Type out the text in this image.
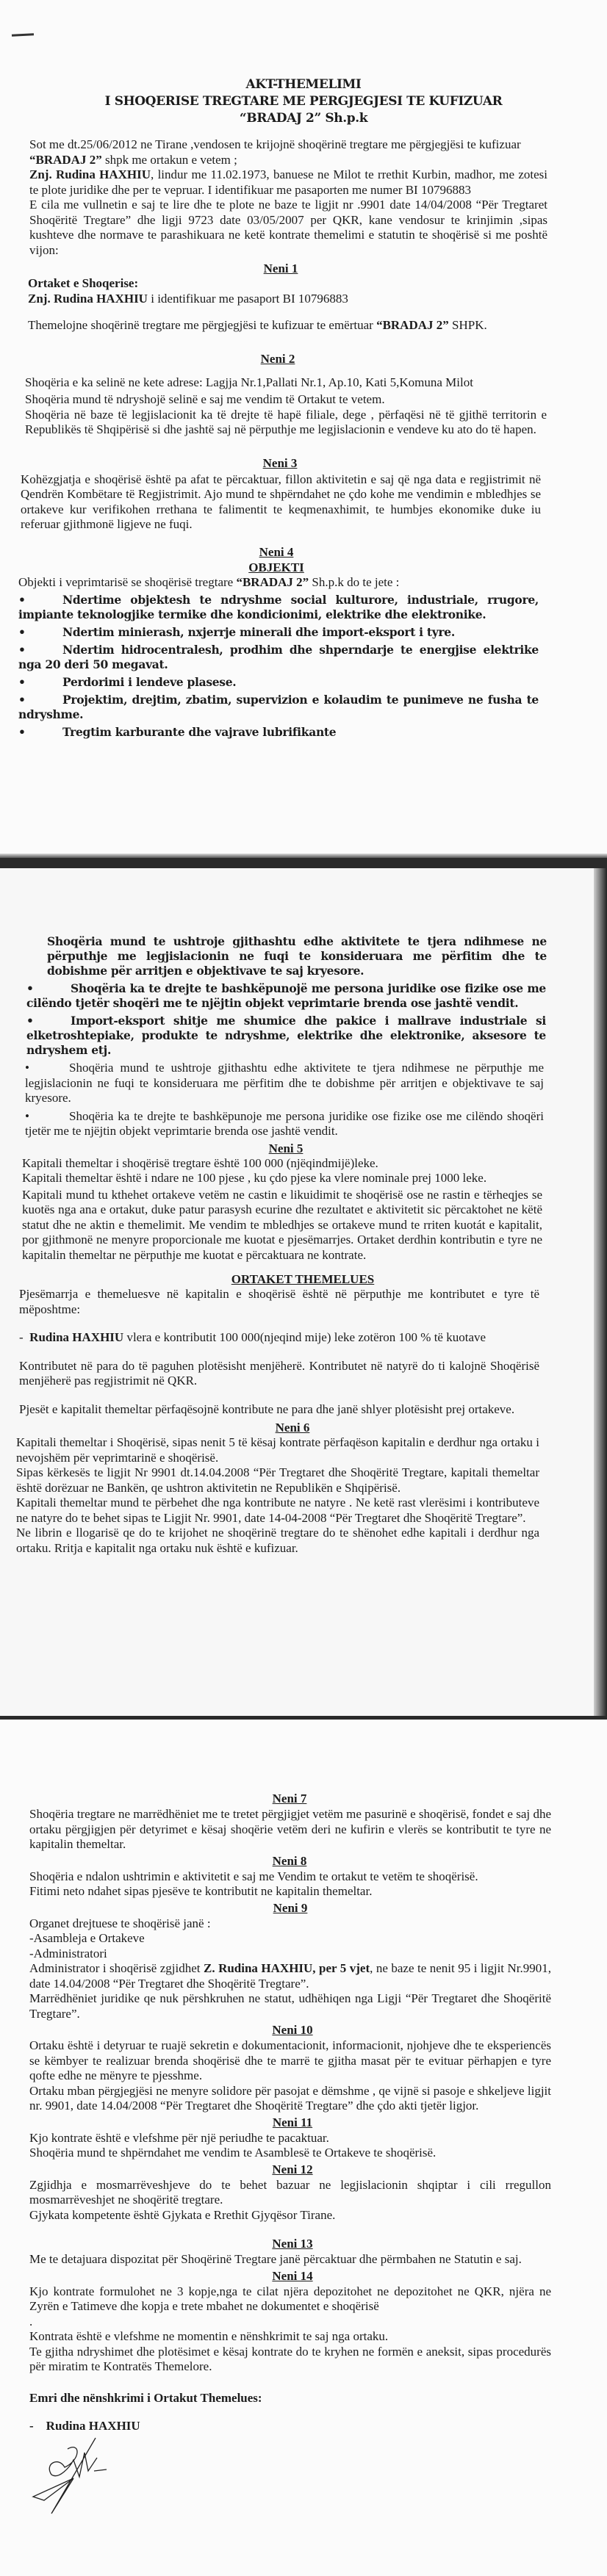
AKT-THEMELIMI
I SHOQERISE TREGTARE ME PERGJEGJESI TE KUFIZUAR
“BRADAJ 2” Sh.p.k

Sot me dt.25/06/2012 ne Tirane ,vendosen te krijojnë shoqërinë tregtare me përgjegjësi te kufizuar

“BRADAJ 2” shpk me ortakun e vetem ;

Znj. Rudina HAXHIU, lindur me 11.02.1973, banuese ne Milot te rrethit Kurbin, madhor, me zotesi te plote juridike dhe per te vepruar. I identifikuar me pasaporten me numer BI 10796883

E cila me vullnetin e saj te lire dhe te plote ne baze te ligjit nr .9901 date 14/04/2008 “Për Tregtaret Shoqëritë Tregtare” dhe ligji 9723 date 03/05/2007 per QKR, kane vendosur te krinjimin ,sipas kushteve dhe normave te parashikuara ne ketë kontrate themelimi e statutin te shoqërisë si me poshtë vijon:

Neni 1

Ortaket e Shoqerise:

Znj. Rudina HAXHIU i identifikuar me pasaport BI 10796883

Themelojne shoqërinë tregtare me përgjegjësi te kufizuar te emërtuar “BRADAJ 2” SHPK.

Neni 2

Shoqëria e ka selinë ne kete adrese: Lagjja Nr.1,Pallati Nr.1, Ap.10, Kati 5,Komuna Milot

Shoqëria mund të ndryshojë selinë e saj me vendim të Ortakut te vetem.

Shoqëria në baze të legjislacionit ka të drejte të hapë filiale, dege , përfaqësi në të gjithë territorin e Republikës të Shqipërisë si dhe jashtë saj në përputhje me legjislacionin e vendeve ku ato do të hapen.

Neni 3
Kohëzgjatja e shoqërisë është pa afat te përcaktuar, fillon aktivitetin e saj që nga data e regjistrimit në Qendrën Kombëtare të Regjistrimit. Ajo mund te shpërndahet ne çdo kohe me vendimin e mbledhjes se ortakeve kur verifikohen rrethana te falimentit te keqmenaxhimit, te humbjes ekonomike duke iu referuar gjithmonë ligjeve ne fuqi.
Neni 4
OBJEKTI

Objekti i veprimtarisë se shoqërisë tregtare “BRADAJ 2” Sh.p.k do te jete :

•	Ndertime objektesh te ndryshme social kulturore, industriale, rrugore, impiante teknologjike termike dhe kondicionimi, elektrike dhe elektronike.

•	Ndertim minierash, nxjerrje minerali dhe import-eksport i tyre.

•	Ndertim hidrocentralesh, prodhim dhe shperndarje te energjise elektrike nga 20 deri 50 megavat.

•	Perdorimi i lendeve plasese.

•	Projektim, drejtim, zbatim, supervizion e kolaudim te punimeve ne fusha te ndryshme.

•	Tregtim karburante dhe vajrave lubrifikante

Shoqëria mund te ushtroje gjithashtu edhe aktivitete te tjera ndihmese ne përputhje me legjislacionin ne fuqi te konsideruara me përfitim dhe te dobishme për arritjen e objektivave te saj kryesore.

•	Shoqëria ka te drejte te bashkëpunojë me persona juridike ose fizike ose me cilëndo tjetër shoqëri me te njëjtin objekt veprimtarie brenda ose jashtë vendit.

•	Import-eksport shitje me shumice dhe pakice i mallrave industriale si elketroshtepiake, produkte te ndryshme, elektrike dhe elektronike, aksesore te ndryshem etj.

•	Shoqëria mund te ushtroje gjithashtu edhe aktivitete te tjera ndihmese ne përputhje me legjislacionin ne fuqi te konsideruara me përfitim dhe te dobishme për arritjen e objektivave te saj kryesore.

•	Shoqëria ka te drejte te bashkëpunoje me persona juridike ose fizike ose me cilëndo shoqëri tjetër me te njëjtin objekt veprimtarie brenda ose jashtë vendit.

Neni 5

Kapitali themeltar i shoqërisë tregtare është 100 000 (njëqindmijë)leke.

Kapitali themeltar është i ndare ne 100 pjese , ku çdo pjese ka vlere nominale prej 1000 leke.

Kapitali mund tu kthehet ortakeve vetëm ne castin e likuidimit te shoqërisë ose ne rastin e tërheqjes se kuotës nga ana e ortakut, duke patur parasysh ecurine dhe rezultatet e aktivitetit sic përcaktohet ne këtë statut dhe ne aktin e themelimit. Me vendim te mbledhjes se ortakeve mund te rriten kuotát e kapitalit, por gjithmonë ne menyre proporcionale me kuotat e pjesëmarrjes. Ortaket derdhin kontributin e tyre ne kapitalin themeltar ne përputhje me kuotat e përcaktuara ne kontrate.

ORTAKET THEMELUES

Pjesëmarrja e themeluesve në kapitalin e shoqërisë është në përputhje me kontributet e tyre të mëposhtme:

- Rudina HAXHIU vlera e kontributit 100 000(njeqind mije) leke zotëron 100 % të kuotave

Kontributet në para do të paguhen plotësisht menjëherë. Kontributet në natyrë do ti kalojnë Shoqërisë menjëherë pas regjistrimit në QKR.

Pjesët e kapitalit themeltar përfaqësojnë kontribute ne para dhe janë shlyer plotësisht prej ortakeve.

Neni 6

Kapitali themeltar i Shoqërisë, sipas nenit 5 të kësaj kontrate përfaqëson kapitalin e derdhur nga ortaku i nevojshëm për veprimtarinë e shoqërisë.

Sipas kërkesës te ligjit Nr 9901 dt.14.04.2008 “Për Tregtaret dhe Shoqëritë Tregtare, kapitali themeltar është dorëzuar ne Bankën, qe ushtron aktivitetin ne Republikën e Shqipërisë.

Kapitali themeltar mund te përbehet dhe nga kontribute ne natyre . Ne ketë rast vlerësimi i kontributeve ne natyre do te behet sipas te Ligjit Nr. 9901, date 14-04-2008 “Për Tregtaret dhe Shoqëritë Tregtare”.

Ne librin e llogarisë qe do te krijohet ne shoqërinë tregtare do te shënohet edhe kapitali i derdhur nga ortaku. Rritja e kapitalit nga ortaku nuk është e kufizuar.

Neni 7
Shoqëria tregtare ne marrëdhëniet me te tretet përgjigjet vetëm me pasurinë e shoqërisë, fondet e saj dhe ortaku përgjigjen për detyrimet e kësaj shoqërie vetëm deri ne kufirin e vlerës se kontributit te tyre ne kapitalin themeltar.
Neni 8

Shoqëria e ndalon ushtrimin e aktivitetit e saj me Vendim te ortakut te vetëm te shoqërisë.

Fitimi neto ndahet sipas pjesëve te kontributit ne kapitalin themeltar.

Neni 9

Organet drejtuese te shoqërisë janë :

-Asambleja e Ortakeve

-Administratori

Administrator i shoqërisë zgjidhet Z. Rudina HAXHIU, per 5 vjet, ne baze te nenit 95 i ligjit Nr.9901, date 14.04/2008 “Për Tregtaret dhe Shoqëritë Tregtare”.

Marrëdhëniet juridike qe nuk përshkruhen ne statut, udhëhiqen nga Ligji “Për Tregtaret dhe Shoqëritë Tregtare”.

Neni 10

Ortaku është i detyruar te ruajë sekretin e dokumentacionit, informacionit, njohjeve dhe te eksperiencës se këmbyer te realizuar brenda shoqërisë dhe te marrë te gjitha masat për te evituar përhapjen e tyre qofte edhe ne mënyre te pjesshme.

Ortaku mban përgjegjësi ne menyre solidore për pasojat e dëmshme , qe vijnë si pasoje e shkeljeve ligjit nr. 9901, date 14.04/2008 “Për Tregtaret dhe Shoqëritë Tregtare” dhe çdo akti tjetër ligjor.

Neni 11

Kjo kontrate është e vlefshme për një periudhe te pacaktuar.

Shoqëria mund te shpërndahet me vendim te Asamblesë te Ortakeve te shoqërisë.

Neni 12

Zgjidhja e mosmarrëveshjeve do te behet bazuar ne legjislacionin shqiptar i cili rregullon mosmarrëveshjet ne shoqëritë tregtare.

Gjykata kompetente është Gjykata e Rrethit Gjyqësor Tirane.

Neni 13
Me te detajuara dispozitat për Shoqërinë Tregtare janë përcaktuar dhe përmbahen ne Statutin e saj.
Neni 14

Kjo kontrate formulohet ne 3 kopje,nga te cilat njëra depozitohet ne depozitohet ne QKR, njëra ne Zyrën e Tatimeve dhe kopja e trete mbahet ne dokumentet e shoqërisë

.

Kontrata është e vlefshme ne momentin e nënshkrimit te saj nga ortaku.

Te gjitha ndryshimet dhe plotësimet e kësaj kontrate do te kryhen ne formën e aneksit, sipas procedurës për miratim te Kontratës Themelore.

Emri dhe nënshkrimi i Ortakut Themelues:
- Rudina HAXHIU
